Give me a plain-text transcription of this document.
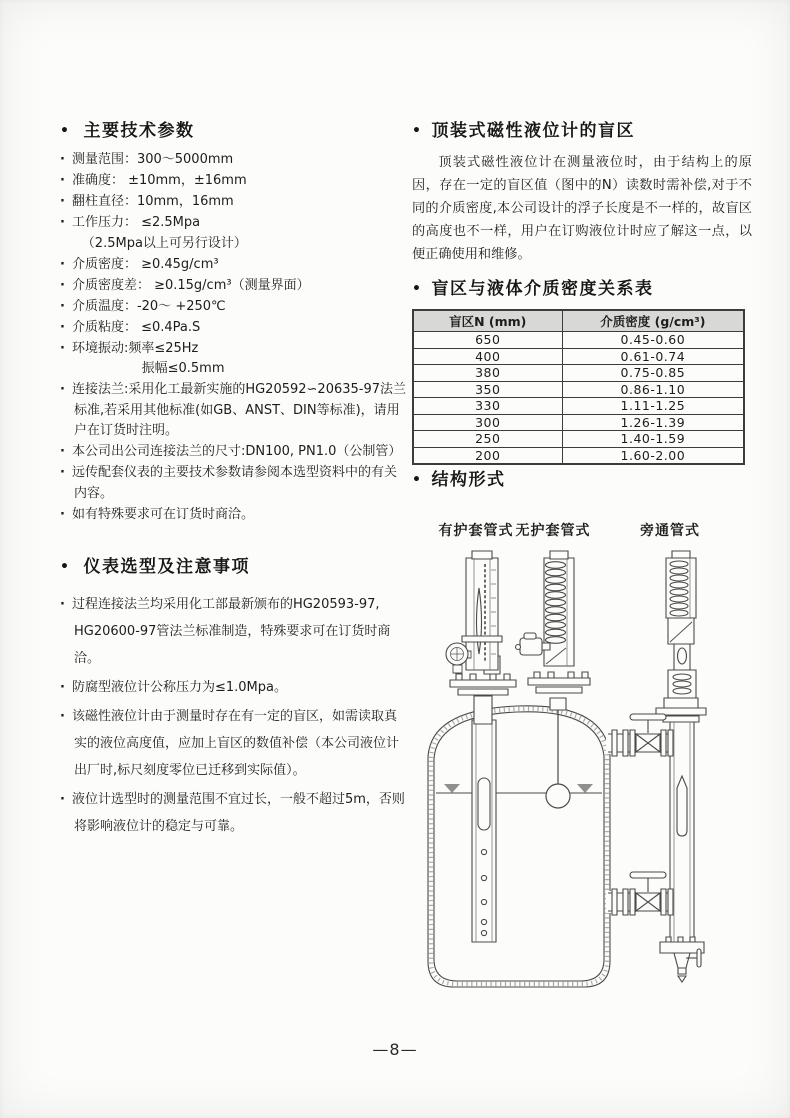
• 主要技术参数
· 测量范围：300～5000mm
· 准确度： ±10mm，±16mm
· 翻柱直径：10mm，16mm
· 工作压力： ≤2.5Mpa
（2.5Mpa以上可另行设计）
· 介质密度： ≥0.45g/cm³
· 介质密度差： ≥0.15g/cm³（测量界面）
· 介质温度：-20～ +250℃
· 介质粘度： ≤0.4Pa.S
· 环境振动:频率≤25Hz
振幅≤0.5mm
· 连接法兰:采用化工最新实施的HG20592∽20635-97法兰标准,若采用其他标准(如GB、ANST、DIN等标准)，请用户在订货时注明。
· 本公司出公司连接法兰的尺寸:DN100, PN1.0（公制管）
· 远传配套仪表的主要技术参数请参阅本选型资料中的有关内容。
· 如有特殊要求可在订货时商洽。
• 仪表选型及注意事项
· 过程连接法兰均采用化工部最新颁布的HG20593-97, HG20600-97管法兰标准制造，特殊要求可在订货时商洽。
· 防腐型液位计公称压力为≤1.0Mpa。
· 该磁性液位计由于测量时存在有一定的盲区，如需读取真实的液位高度值，应加上盲区的数值补偿（本公司液位计出厂时,标尺刻度零位已迁移到实际值）。
· 液位计选型时的测量范围不宜过长，一般不超过5m，否则将影响液位计的稳定与可靠。
• 顶装式磁性液位计的盲区

顶装式磁性液位计在测量液位时，由于结构上的原因，存在一定的盲区值（图中的N）读数时需补偿,对于不同的介质密度,本公司设计的浮子长度是不一样的，故盲区的高度也不一样，用户在订购液位计时应了解这一点，以便正确使用和维修。

• 盲区与液体介质密度关系表
盲区N (mm)	介质密度 (g/cm³)
650	0.45-0.60
400	0.61-0.74
380	0.75-0.85
350	0.86-1.10
330	1.11-1.25
300	1.26-1.39
250	1.40-1.59
200	1.60-2.00
• 结构形式
有护套管式 无护套管式	旁通管式
—8—
